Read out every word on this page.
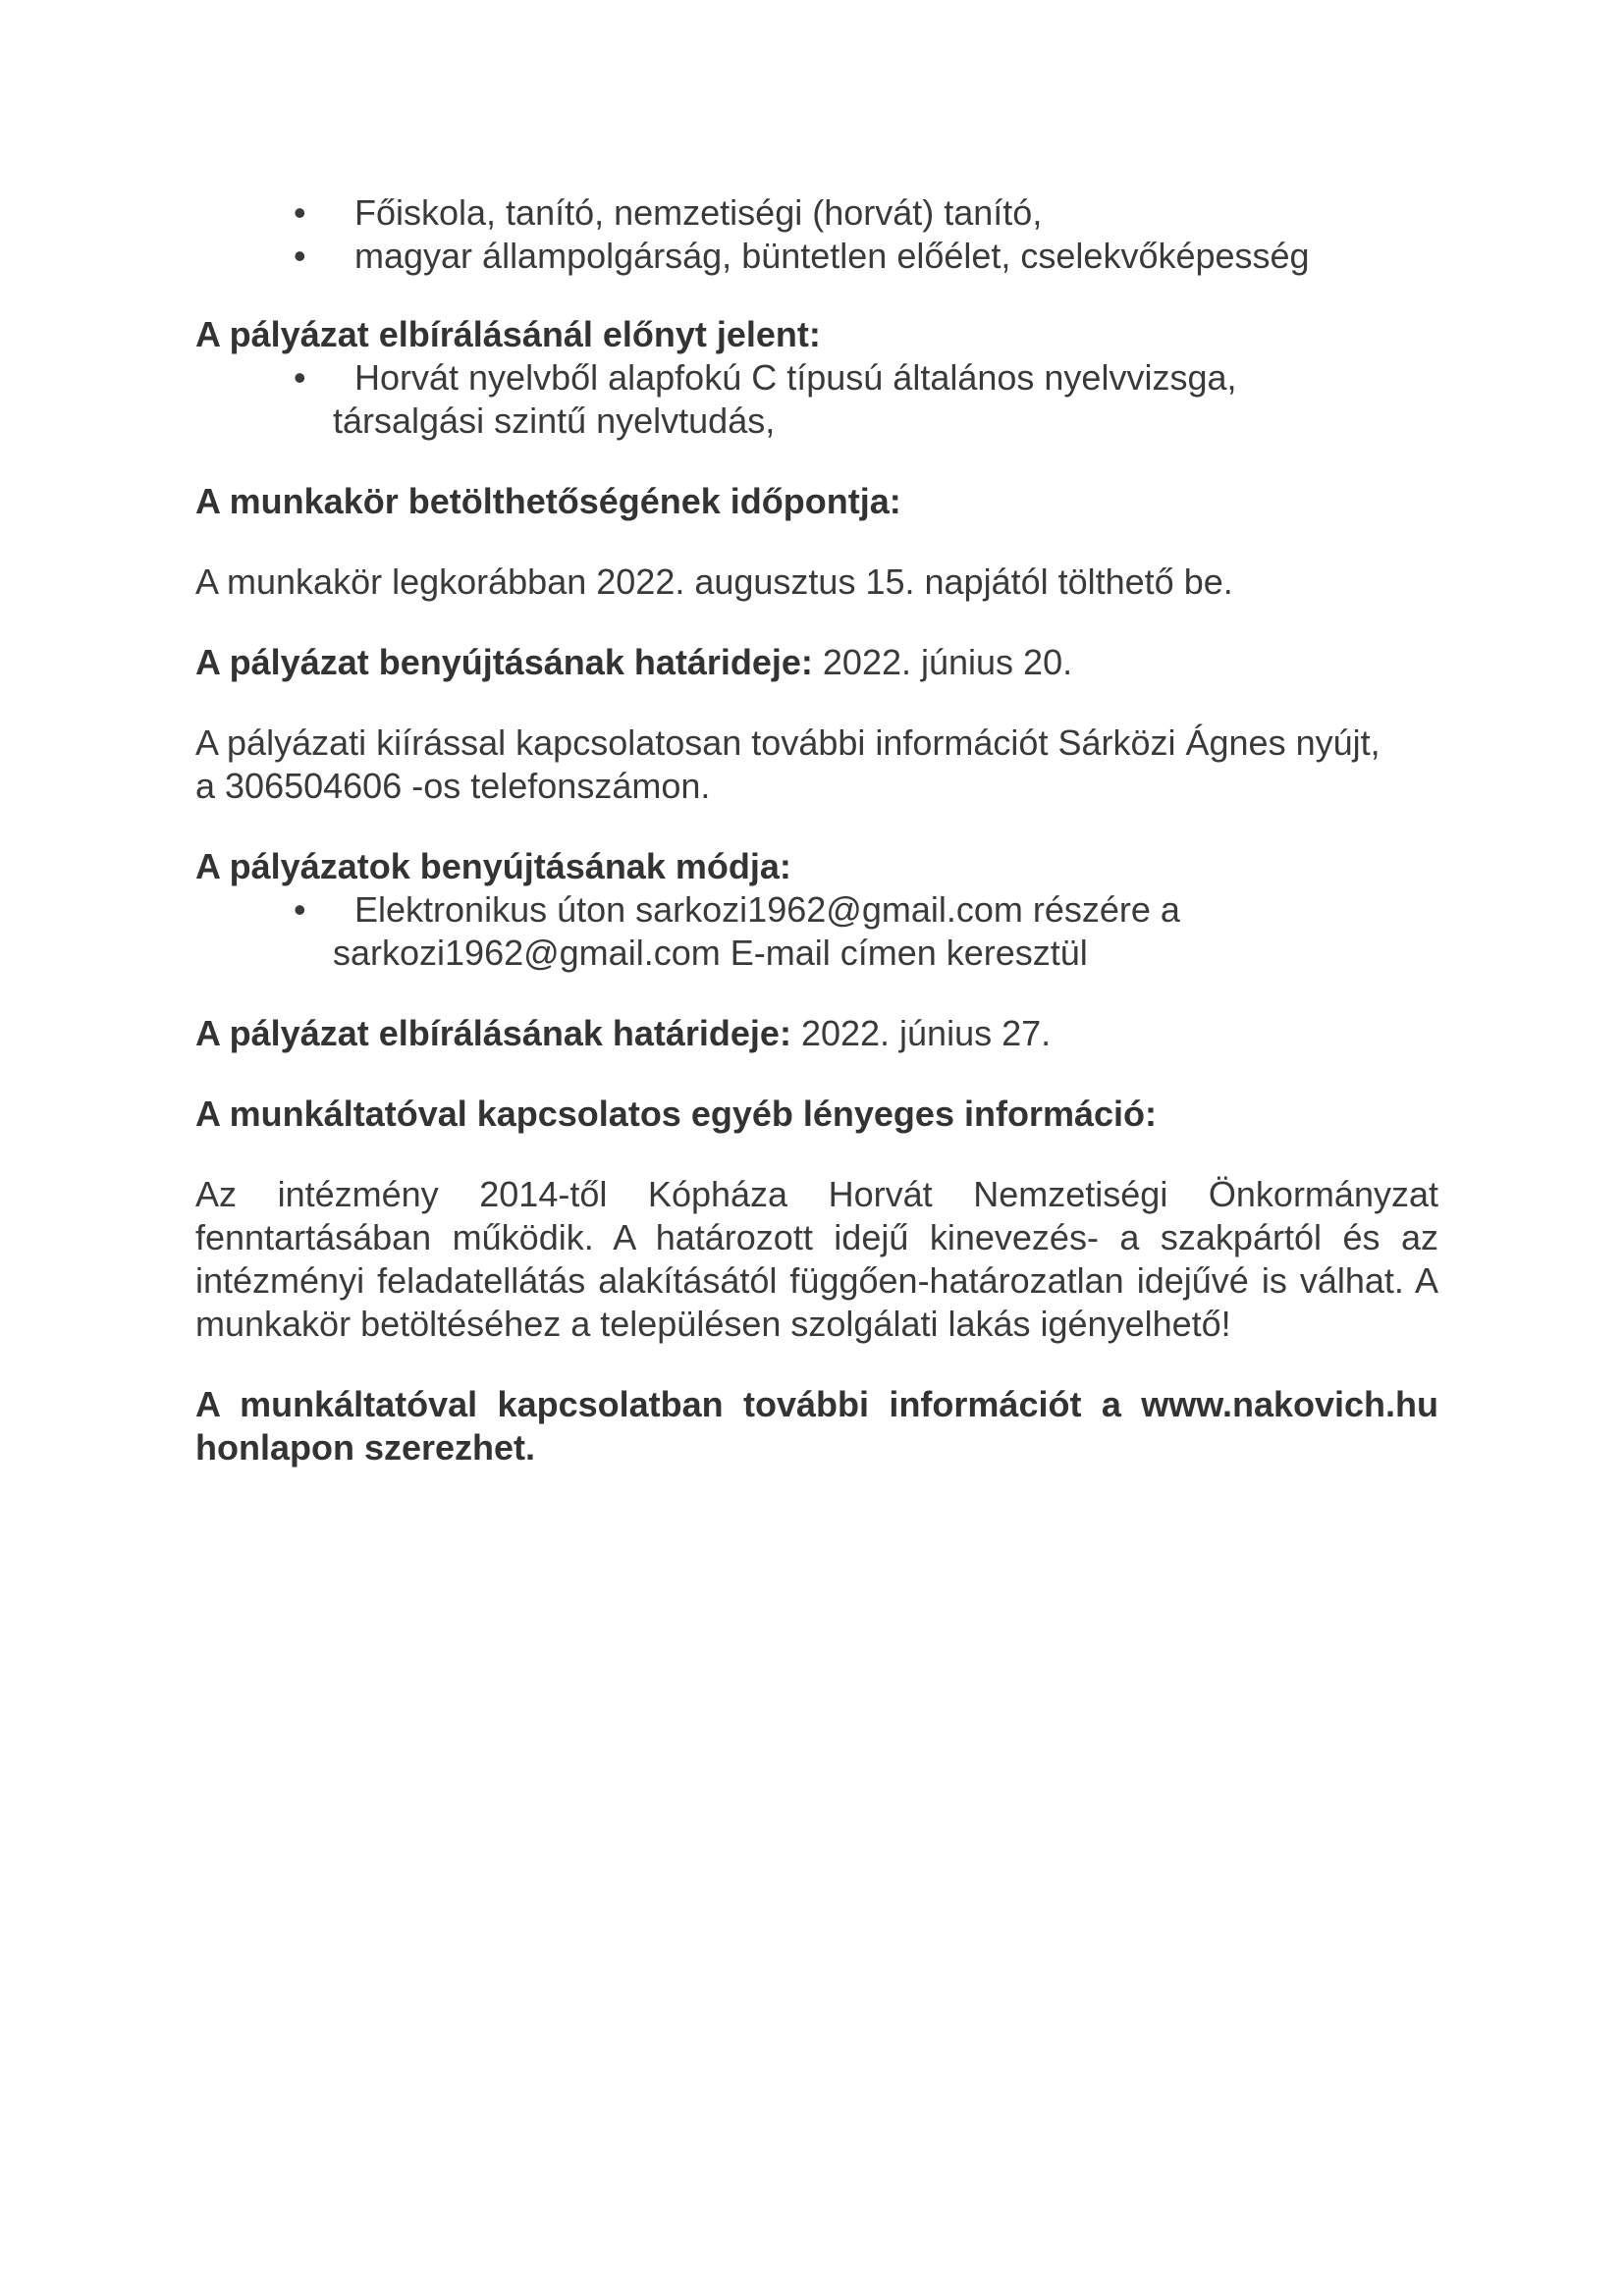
• Főiskola, tanító, nemzetiségi (horvát) tanító,
• magyar állampolgárság, büntetlen előélet, cselekvőképesség

A pályázat elbírálásánál előnyt jelent:

• Horvát nyelvből alapfokú C típusú általános nyelvvizsga,
társalgási szintű nyelvtudás,

A munkakör betölthetőségének időpontja:

A munkakör legkorábban 2022. augusztus 15. napjától tölthető be.

A pályázat benyújtásának határideje: 2022. június 20.

A pályázati kiírással kapcsolatosan további információt Sárközi Ágnes nyújt,

a 306504606 -os telefonszámon.

A pályázatok benyújtásának módja:

• Elektronikus úton sarkozi1962@gmail.com részére a
sarkozi1962@gmail.com E-mail címen keresztül

A pályázat elbírálásának határideje: 2022. június 27.

A munkáltatóval kapcsolatos egyéb lényeges információ:

Az intézmény 2014-től Kópháza Horvát Nemzetiségi Önkormányzat fenntartásában működik. A határozott idejű kinevezés- a szakpártól és az intézményi feladatellátás alakításától függően-határozatlan idejűvé is válhat. A munkakör betöltéséhez a településen szolgálati lakás igényelhető!

A munkáltatóval kapcsolatban további információt a www.nakovich.hu honlapon szerezhet.
